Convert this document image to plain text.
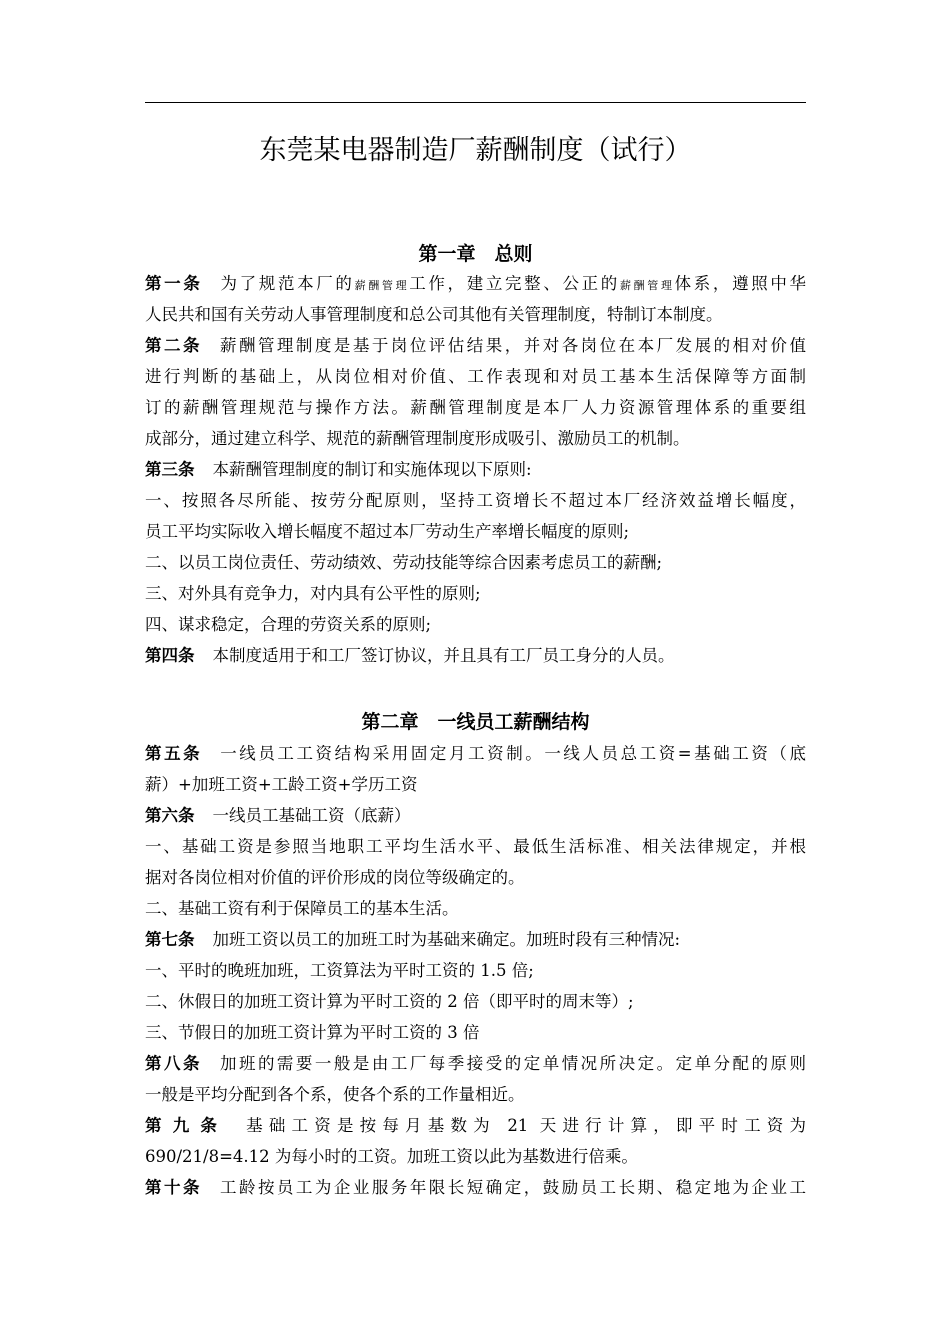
东莞某电器制造厂薪酬制度（试行）
第一章　总则
第一条 为了规范本厂的薪酬管理工作，建立完整、公正的薪酬管理体系，遵照中华
人民共和国有关劳动人事管理制度和总公司其他有关管理制度，特制订本制度。
第二条 薪酬管理制度是基于岗位评估结果，并对各岗位在本厂发展的相对价值
进行判断的基础上，从岗位相对价值、工作表现和对员工基本生活保障等方面制
订的薪酬管理规范与操作方法。薪酬管理制度是本厂人力资源管理体系的重要组
成部分，通过建立科学、规范的薪酬管理制度形成吸引、激励员工的机制。
第三条 本薪酬管理制度的制订和实施体现以下原则:
一、按照各尽所能、按劳分配原则，坚持工资增长不超过本厂经济效益增长幅度，
员工平均实际收入增长幅度不超过本厂劳动生产率增长幅度的原则;
二、以员工岗位责任、劳动绩效、劳动技能等综合因素考虑员工的薪酬;
三、对外具有竞争力，对内具有公平性的原则;
四、谋求稳定，合理的劳资关系的原则;
第四条 本制度适用于和工厂签订协议，并且具有工厂员工身分的人员。
第二章　一线员工薪酬结构
第五条 一线员工工资结构采用固定月工资制。一线人员总工资=基础工资（底
薪）+加班工资+工龄工资+学历工资
第六条 一线员工基础工资（底薪）
一、基础工资是参照当地职工平均生活水平、最低生活标准、相关法律规定，并根
据对各岗位相对价值的评价形成的岗位等级确定的。
二、基础工资有利于保障员工的基本生活。
第七条 加班工资以员工的加班工时为基础来确定。加班时段有三种情况:
一、平时的晚班加班，工资算法为平时工资的 1.5 倍;
二、休假日的加班工资计算为平时工资的 2 倍（即平时的周末等）;
三、节假日的加班工资计算为平时工资的 3 倍
第八条 加班的需要一般是由工厂每季接受的定单情况所决定。定单分配的原则
一般是平均分配到各个系，使各个系的工作量相近。
第九条 基础工资是按每月基数为 21 天进行计算，即平时工资为
690/21/8=4.12 为每小时的工资。加班工资以此为基数进行倍乘。
第十条 工龄按员工为企业服务年限长短确定，鼓励员工长期、稳定地为企业工
